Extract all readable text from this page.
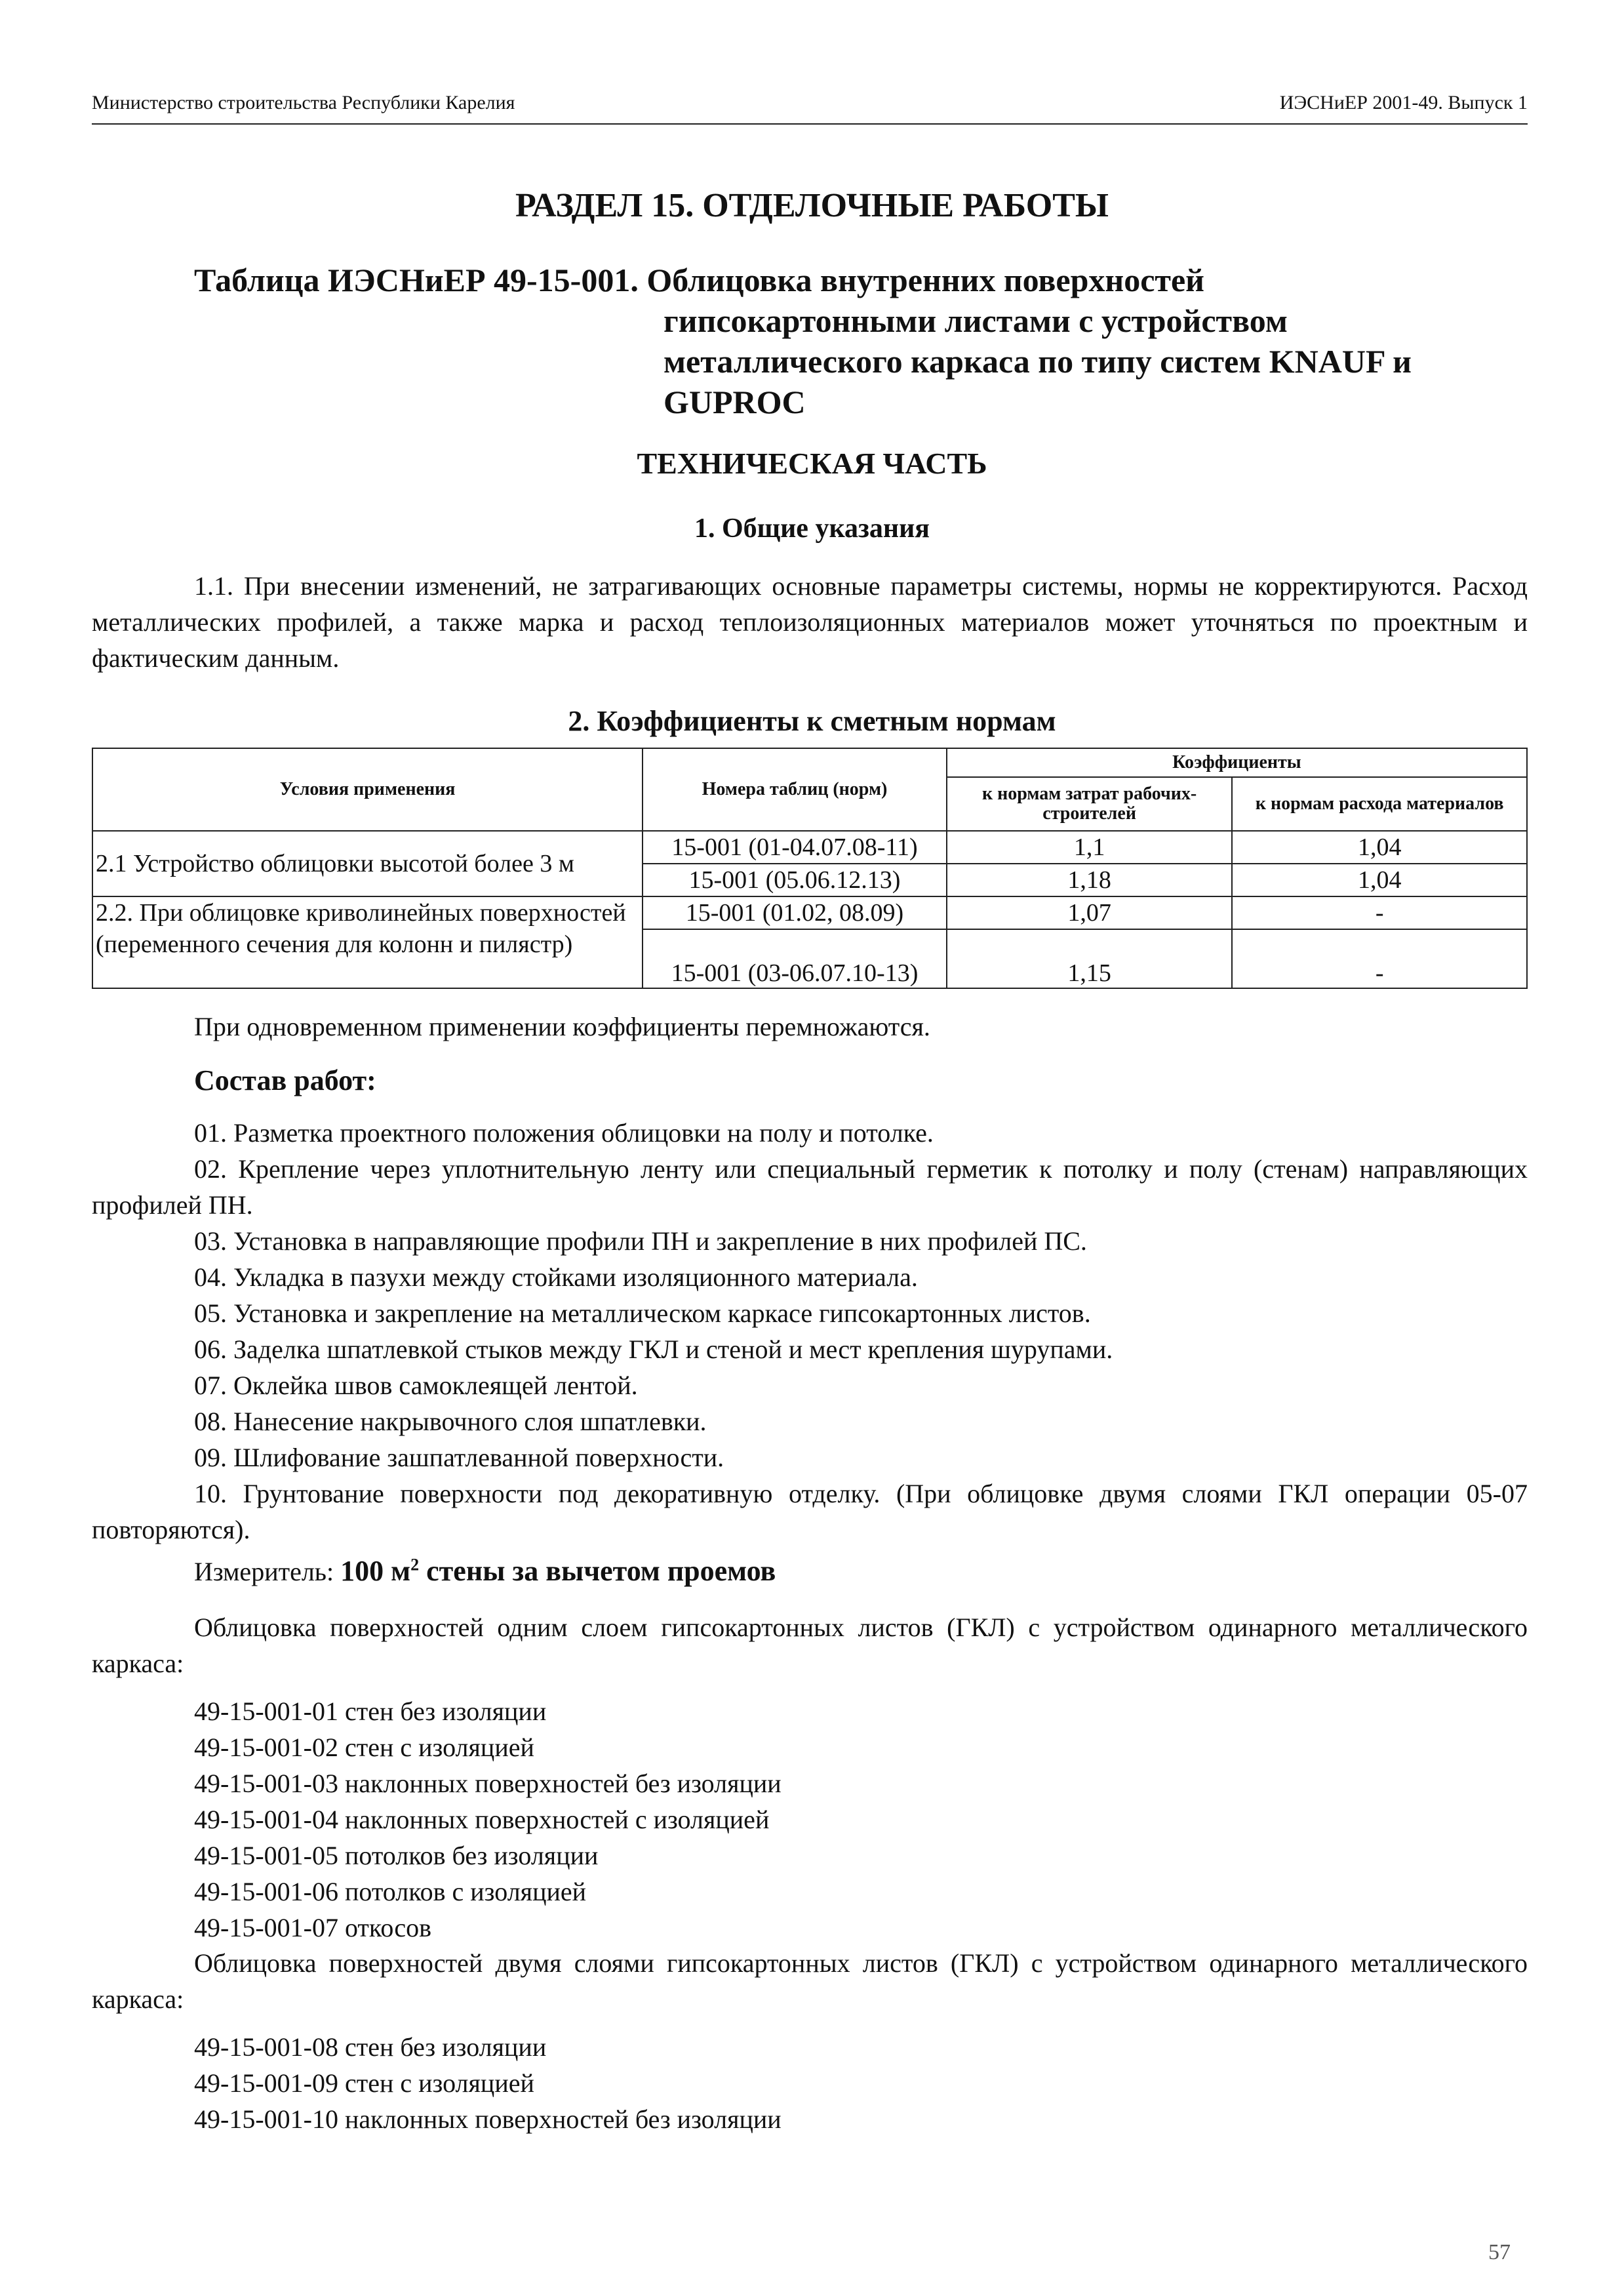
Министерство строительства Республики Карелия	ИЭСНиЕР 2001-49. Выпуск 1
РАЗДЕЛ 15. ОТДЕЛОЧНЫЕ РАБОТЫ
Таблица ИЭСНиЕР 49-15-001. Облицовка внутренних поверхностей
гипсокартонными листами с устройством
металлического каркаса по типу систем KNAUF и
GUPROC
ТЕХНИЧЕСКАЯ ЧАСТЬ
1. Общие указания
1.1. При внесении изменений, не затрагивающих основные параметры системы, нормы не корректируются. Расход металлических профилей, а также марка и расход теплоизоляционных материалов может уточняться по проектным и фактическим данным.
2. Коэффициенты к сметным нормам
Условия применения	Номера таблиц (норм)	Коэффициенты	
		к нормам затрат рабочих-строителей	к нормам расхода материалов
2.1 Устройство облицовки высотой более 3 м	15-001 (01-04.07.08-11)	1,1	1,04
	15-001 (05.06.12.13)	1,18	1,04
2.2. При облицовке криволинейных поверхностей (переменного сечения для колонн и пилястр)	15-001 (01.02, 08.09)	1,07	-
	15-001 (03-06.07.10-13)	1,15	-
При одновременном применении коэффициенты перемножаются.
Состав работ:
01. Разметка проектного положения облицовки на полу и потолке.
02. Крепление через уплотнительную ленту или специальный герметик к потолку и полу (стенам) направляющих профилей ПН.
03. Установка в направляющие профили ПН и закрепление в них профилей ПС.
04. Укладка в пазухи между стойками изоляционного материала.
05. Установка и закрепление на металлическом каркасе гипсокартонных листов.
06. Заделка шпатлевкой стыков между ГКЛ и стеной и мест крепления шурупами.
07. Оклейка швов самоклеящей лентой.
08. Нанесение накрывочного слоя шпатлевки.
09. Шлифование зашпатлеванной поверхности.
10. Грунтование поверхности под декоративную отделку. (При облицовке двумя слоями ГКЛ операции 05-07 повторяются).
Измеритель: 100 $м^2$ стены за вычетом проемов
Облицовка поверхностей одним слоем гипсокартонных листов (ГКЛ) с устройством одинарного металлического каркаса:
49-15-001-01 стен без изоляции
49-15-001-02 стен с изоляцией
49-15-001-03 наклонных поверхностей без изоляции
49-15-001-04 наклонных поверхностей с изоляцией
49-15-001-05 потолков без изоляции
49-15-001-06 потолков с изоляцией
49-15-001-07 откосов
Облицовка поверхностей двумя слоями гипсокартонных листов (ГКЛ) с устройством одинарного металлического каркаса:
49-15-001-08 стен без изоляции
49-15-001-09 стен с изоляцией
49-15-001-10 наклонных поверхностей без изоляции
57
